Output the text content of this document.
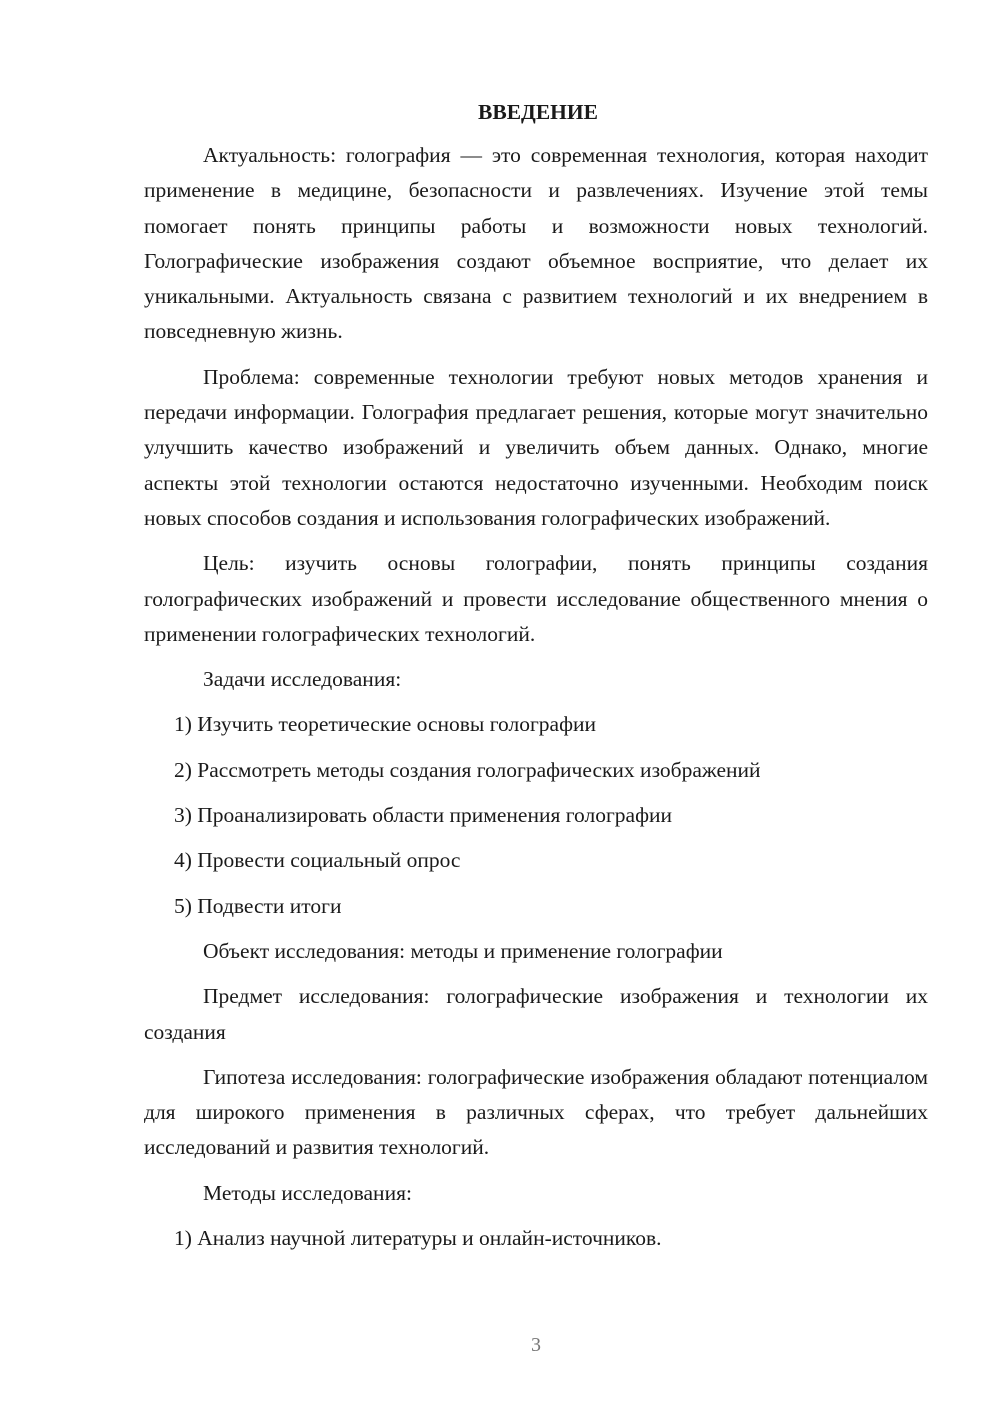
ВВЕДЕНИЕ

Актуальность: голография — это современная технология, которая находит применение в медицине, безопасности и развлечениях. Изучение этой темы помогает понять принципы работы и возможности новых технологий. Голографические изображения создают объемное восприятие, что делает их уникальными. Актуальность связана с развитием технологий и их внедрением в повседневную жизнь.

Проблема: современные технологии требуют новых методов хранения и передачи информации. Голография предлагает решения, которые могут значительно улучшить качество изображений и увеличить объем данных. Однако, многие аспекты этой технологии остаются недостаточно изученными. Необходим поиск новых способов создания и использования голографических изображений.

Цель: изучить основы голографии, понять принципы создания голографических изображений и провести исследование общественного мнения о применении голографических технологий.

Задачи исследования:

1) Изучить теоретические основы голографии

2) Рассмотреть методы создания голографических изображений

3) Проанализировать области применения голографии

4) Провести социальный опрос

5) Подвести итоги

Объект исследования: методы и применение голографии

Предмет исследования: голографические изображения и технологии их создания

Гипотеза исследования: голографические изображения обладают потенциалом для широкого применения в различных сферах, что требует дальнейших исследований и развития технологий.

Методы исследования:

1) Анализ научной литературы и онлайн-источников.

3
